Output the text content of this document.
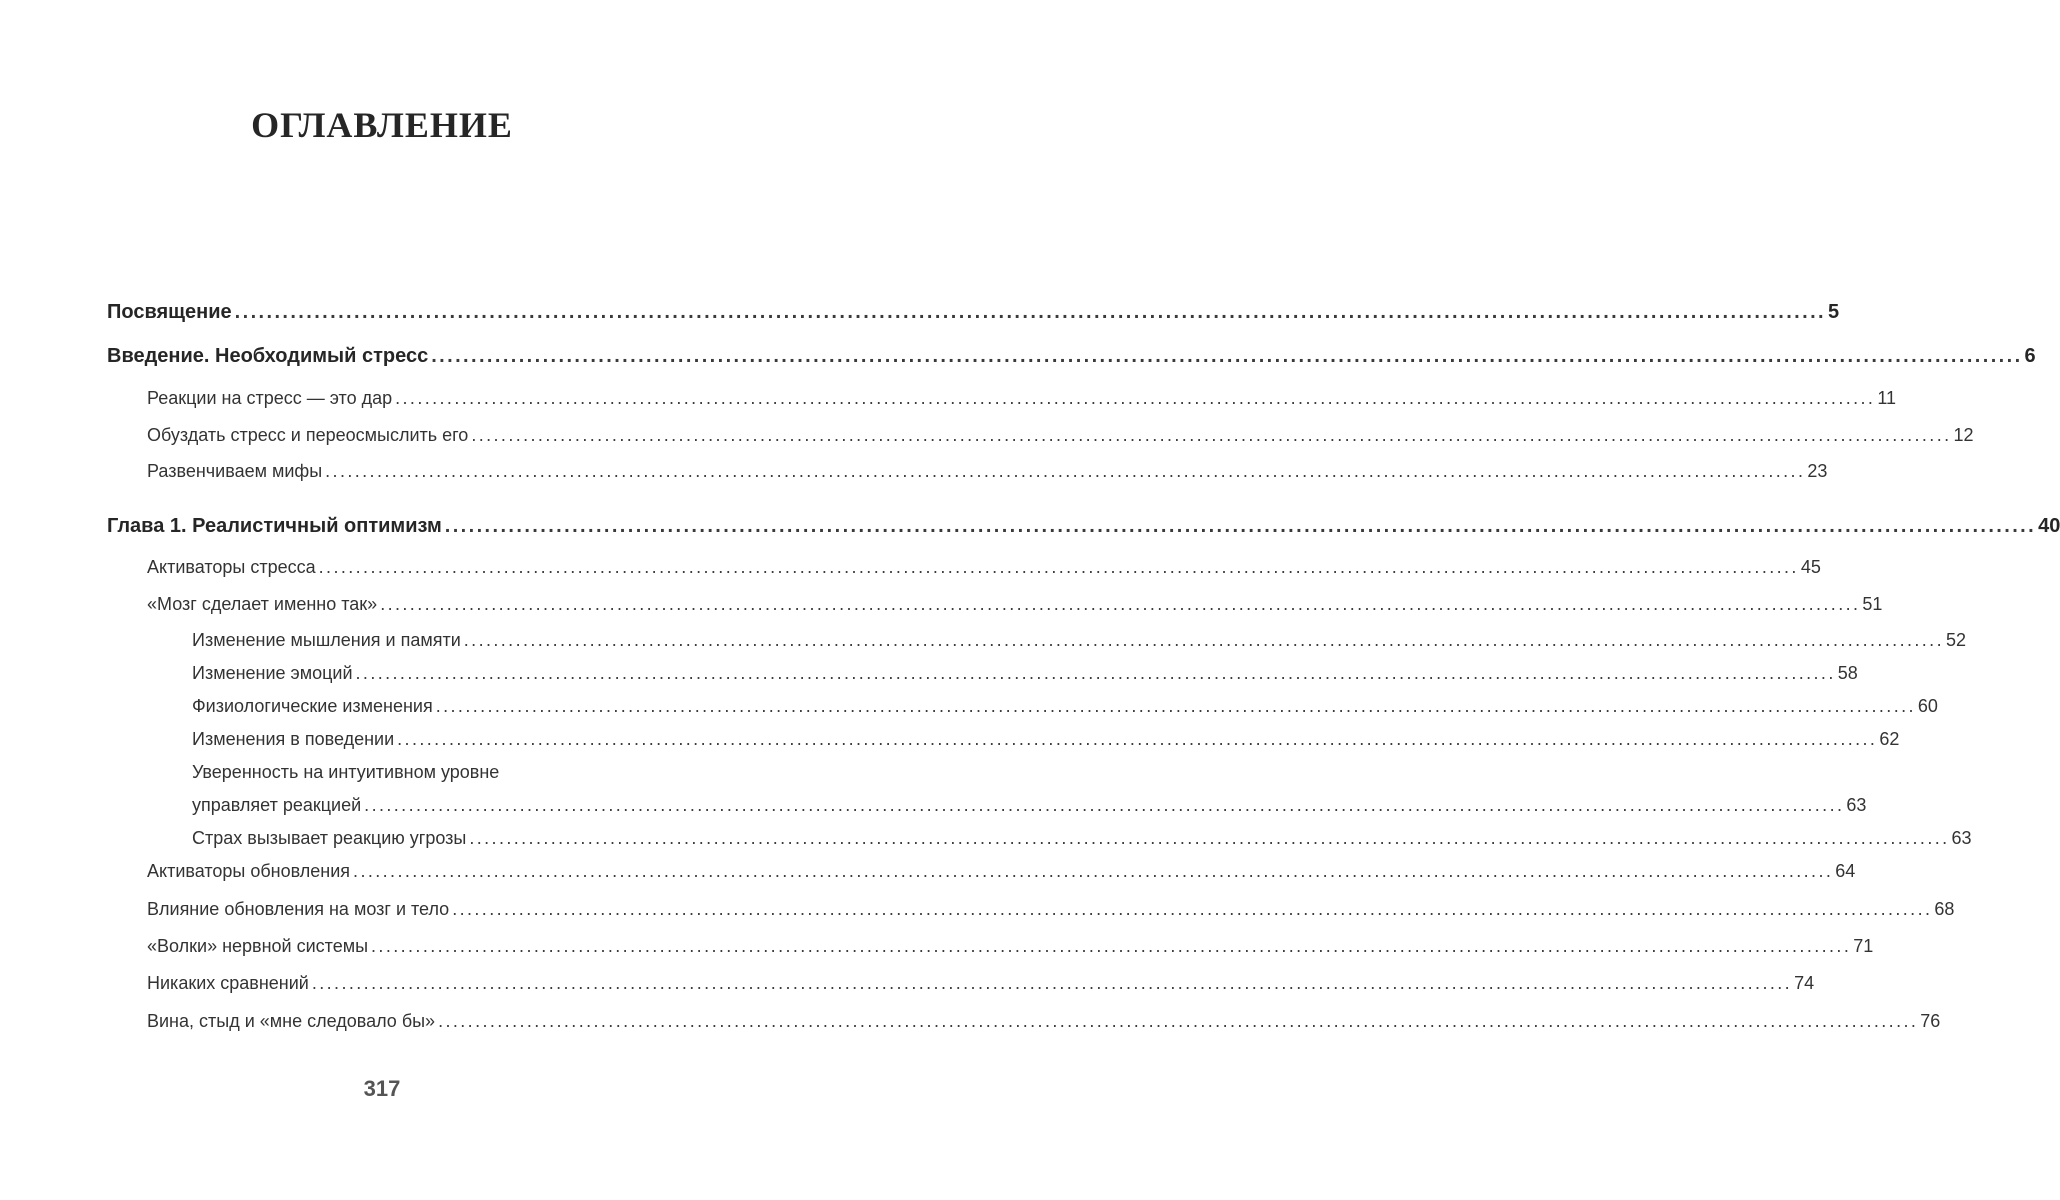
ОГЛАВЛЕНИЕ
Посвящение ........................................................................................................................................................................................................ 5
Введение. Необходимый стресс ........................................................................................................................................................................................................ 6
Реакции на стресс — это дар ........................................................................................................................................................................................................ 11
Обуздать стресс и переосмыслить его ........................................................................................................................................................................................................ 12
Развенчиваем мифы ........................................................................................................................................................................................................ 23
Глава 1. Реалистичный оптимизм ........................................................................................................................................................................................................ 40
Активаторы стресса ........................................................................................................................................................................................................ 45
«Мозг сделает именно так» ........................................................................................................................................................................................................ 51
Изменение мышления и памяти ........................................................................................................................................................................................................ 52
Изменение эмоций ........................................................................................................................................................................................................ 58
Физиологические изменения ........................................................................................................................................................................................................ 60
Изменения в поведении ........................................................................................................................................................................................................ 62
Уверенность на интуитивном уровне
управляет реакцией ........................................................................................................................................................................................................ 63
Страх вызывает реакцию угрозы ........................................................................................................................................................................................................ 63
Активаторы обновления ........................................................................................................................................................................................................ 64
Влияние обновления на мозг и тело ........................................................................................................................................................................................................ 68
«Волки» нервной системы ........................................................................................................................................................................................................ 71
Никаких сравнений ........................................................................................................................................................................................................ 74
Вина, стыд и «мне следовало бы» ........................................................................................................................................................................................................ 76
317
